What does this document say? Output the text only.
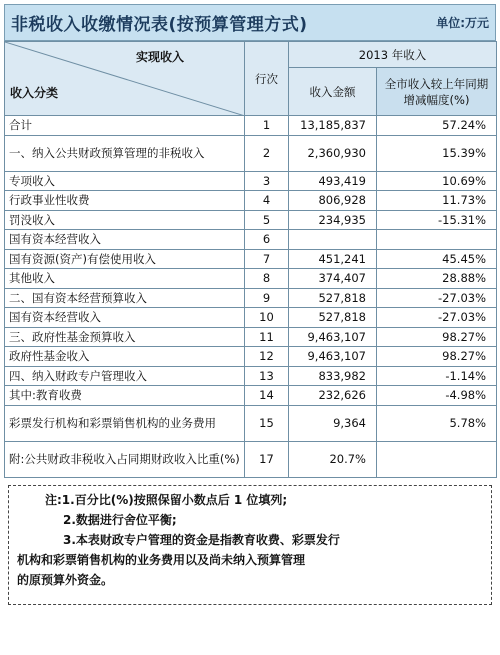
非税收入收缴情况表(按预算管理方式)	单位:万元
实现收入
收入分类	行次	2013 年收入	
		收入金额	全市收入较上年同期增减幅度(%)
合计	1	13,185,837	57.24%
一、纳入公共财政预算管理的非税收入	2	2,360,930	15.39%
专项收入	3	493,419	10.69%
行政事业性收费	4	806,928	11.73%
罚没收入	5	234,935	-15.31%
国有资本经营收入	6		
国有资源(资产)有偿使用收入	7	451,241	45.45%
其他收入	8	374,407	28.88%
二、国有资本经营预算收入	9	527,818	-27.03%
国有资本经营收入	10	527,818	-27.03%
三、政府性基金预算收入	11	9,463,107	98.27%
政府性基金收入	12	9,463,107	98.27%
四、纳入财政专户管理收入	13	833,982	-1.14%
其中:教育收费	14	232,626	-4.98%
彩票发行机构和彩票销售机构的业务费用	15	9,364	5.78%
附:公共财政非税收入占同期财政收入比重(%)	17	20.7%	
注:1.百分比(%)按照保留小数点后 1 位填列;
2.数据进行舍位平衡;
3.本表财政专户管理的资金是指教育收费、彩票发行
机构和彩票销售机构的业务费用以及尚未纳入预算管理
的原预算外资金。
